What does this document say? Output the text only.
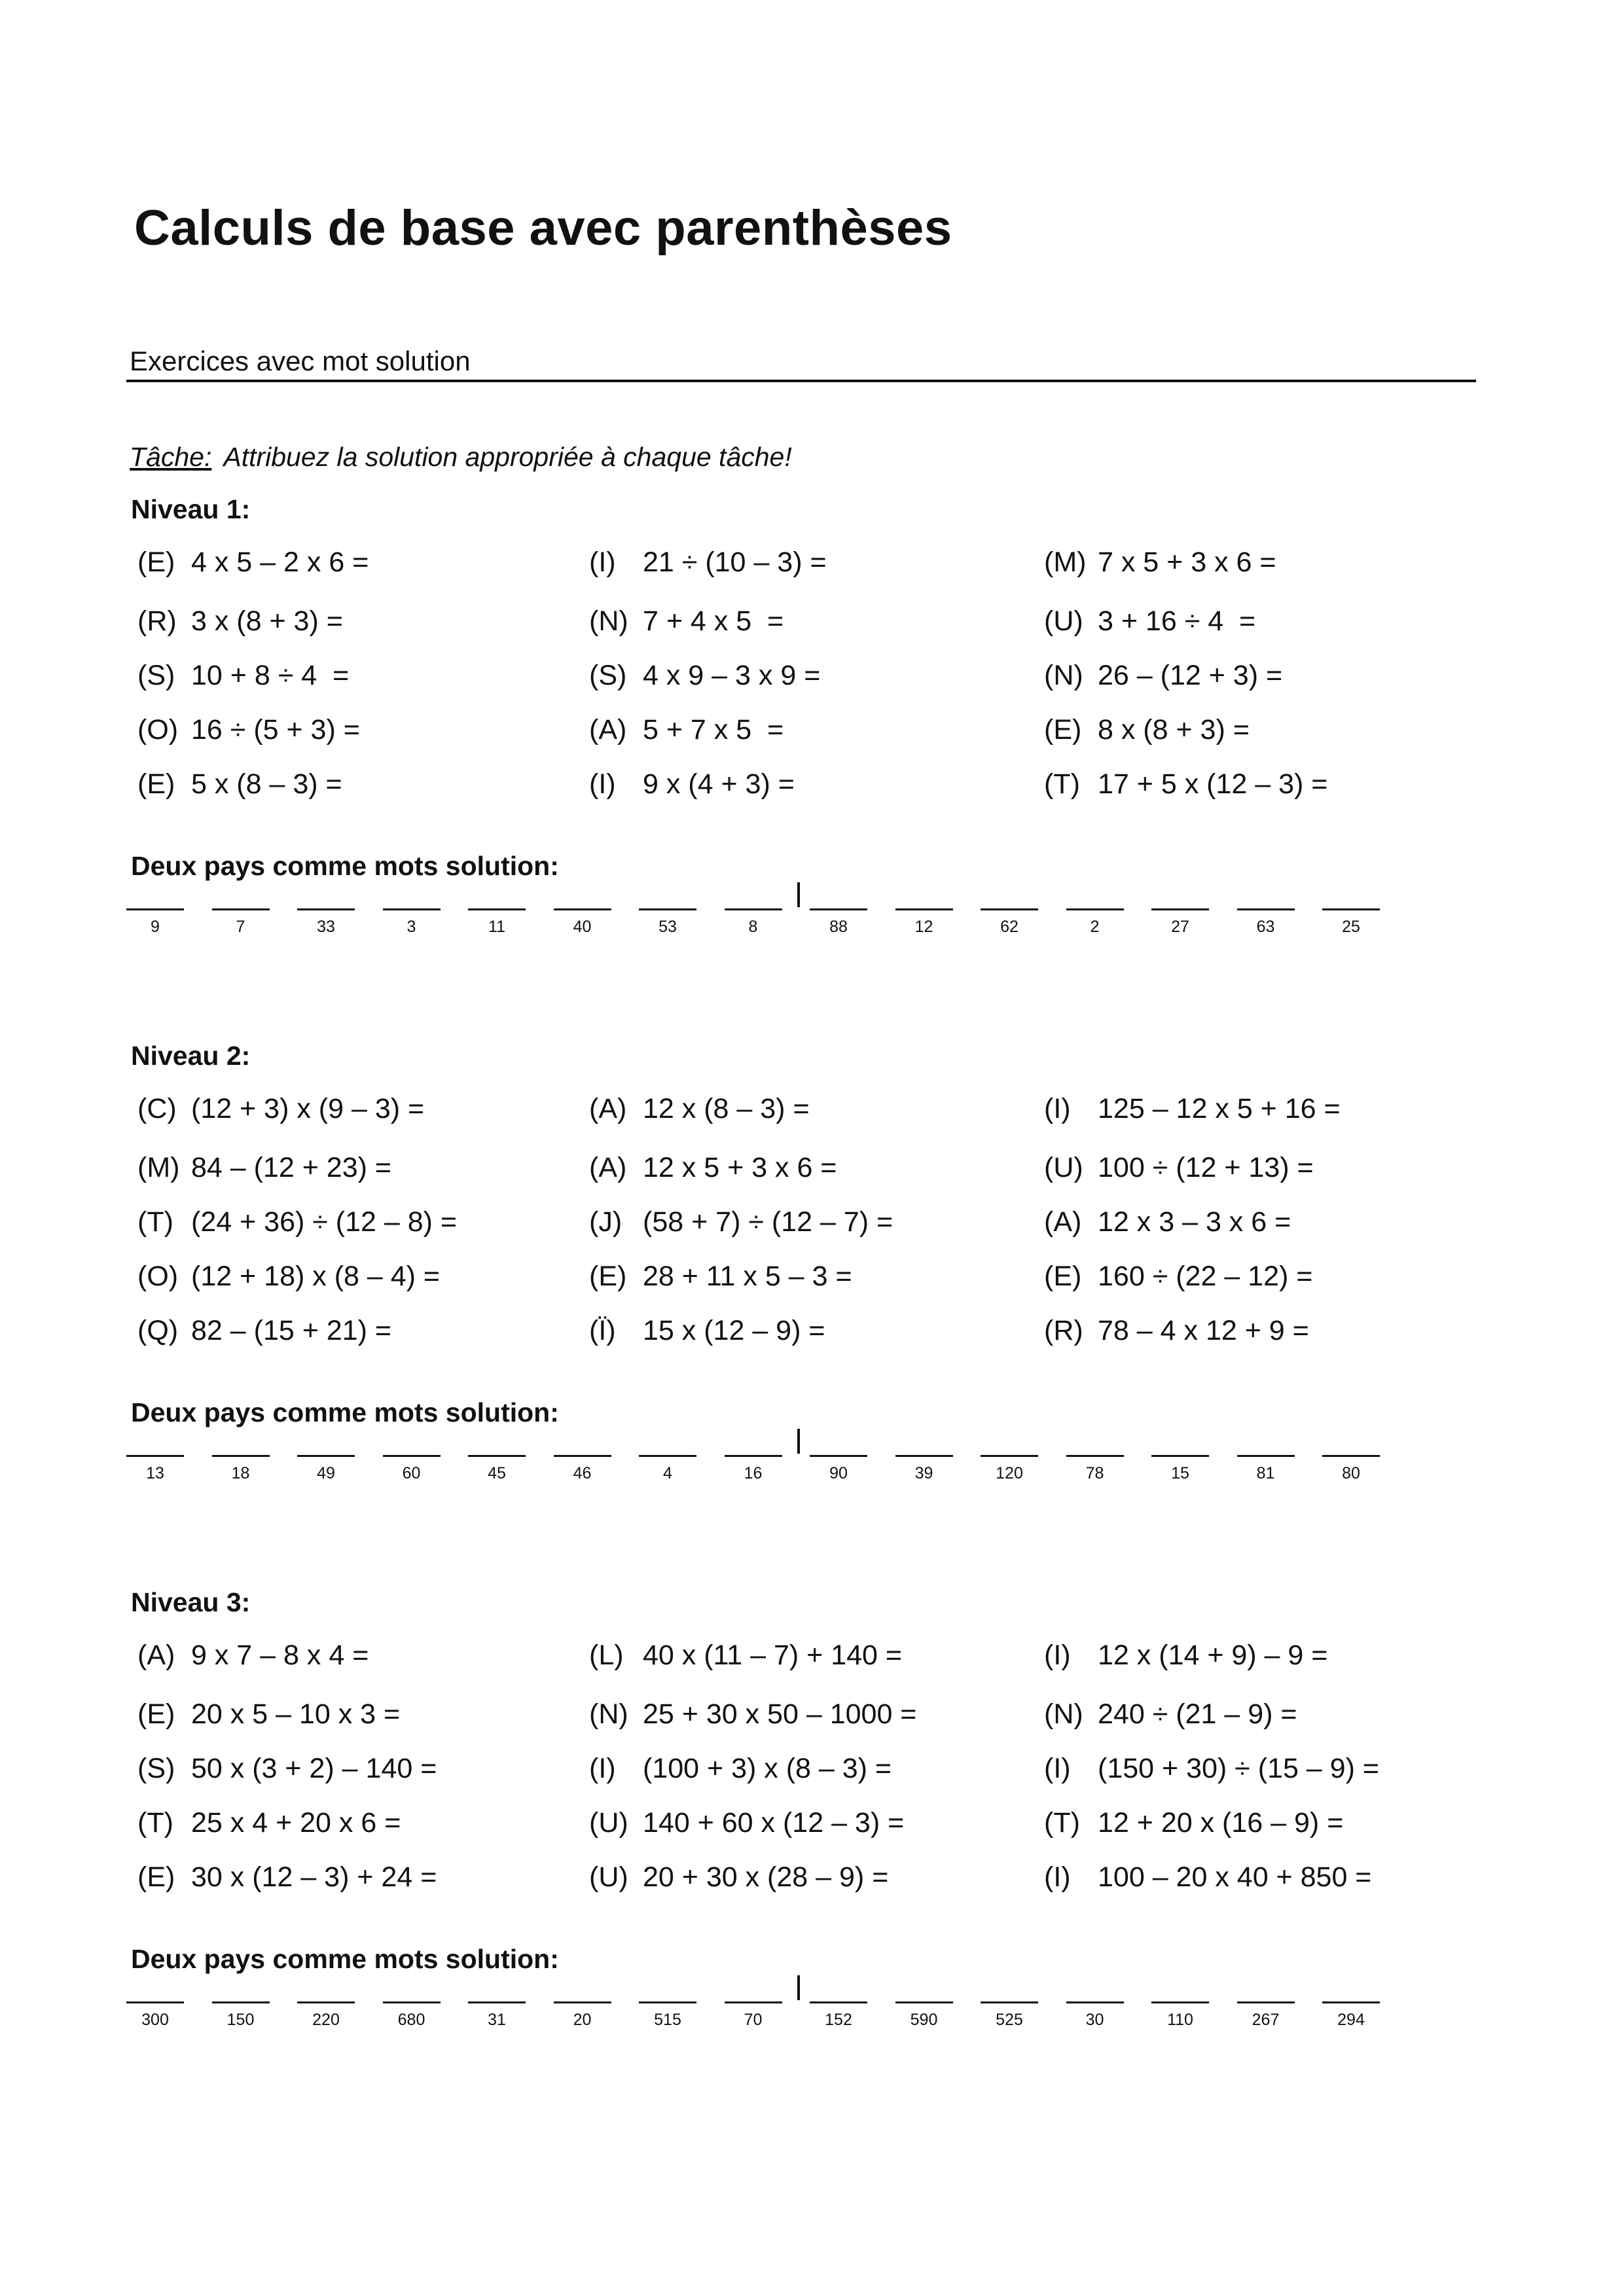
Calculs de base avec parenthèses
Exercices avec mot solution
Tâche: Attribuez la solution appropriée à chaque tâche!
Niveau 1:
(E) 4 x 5 – 2 x 6 =	(I) 21 ÷ (10 – 3) =	(M) 7 x 5 + 3 x 6 =
(R) 3 x (8 + 3) =	(N) 7 + 4 x 5  =	(U) 3 + 16 ÷ 4  =
(S) 10 + 8 ÷ 4  =	(S) 4 x 9 – 3 x 9 =	(N) 26 – (12 + 3) =
(O) 16 ÷ (5 + 3) =	(A) 5 + 7 x 5  =	(E) 8 x (8 + 3) =
(E) 5 x (8 – 3) =	(I) 9 x (4 + 3) =	(T) 17 + 5 x (12 – 3) =
Deux pays comme mots solution:
9	7	33	3	11	40	53	8	88	12	62	2	27	63	25
Niveau 2:
(C) (12 + 3) x (9 – 3) =	(A) 12 x (8 – 3) =	(I) 125 – 12 x 5 + 16 =
(M) 84 – (12 + 23) =	(A) 12 x 5 + 3 x 6 =	(U) 100 ÷ (12 + 13) =
(T) (24 + 36) ÷ (12 – 8) =	(J) (58 + 7) ÷ (12 – 7) =	(A) 12 x 3 – 3 x 6 =
(O) (12 + 18) x (8 – 4) =	(E) 28 + 11 x 5 – 3 =	(E) 160 ÷ (22 – 12) =
(Q) 82 – (15 + 21) =	(Ï) 15 x (12 – 9) =	(R) 78 – 4 x 12 + 9 =
Deux pays comme mots solution:
13	18	49	60	45	46	4	16	90	39	120	78	15	81	80
Niveau 3:
(A) 9 x 7 – 8 x 4 =	(L) 40 x (11 – 7) + 140 =	(I) 12 x (14 + 9) – 9 =
(E) 20 x 5 – 10 x 3 =	(N) 25 + 30 x 50 – 1000 =	(N) 240 ÷ (21 – 9) =
(S) 50 x (3 + 2) – 140 =	(I) (100 + 3) x (8 – 3) =	(I) (150 + 30) ÷ (15 – 9) =
(T) 25 x 4 + 20 x 6 =	(U) 140 + 60 x (12 – 3) =	(T) 12 + 20 x (16 – 9) =
(E) 30 x (12 – 3) + 24 =	(U) 20 + 30 x (28 – 9) =	(I) 100 – 20 x 40 + 850 =
Deux pays comme mots solution:
300	150	220	680	31	20	515	70	152	590	525	30	110	267	294
